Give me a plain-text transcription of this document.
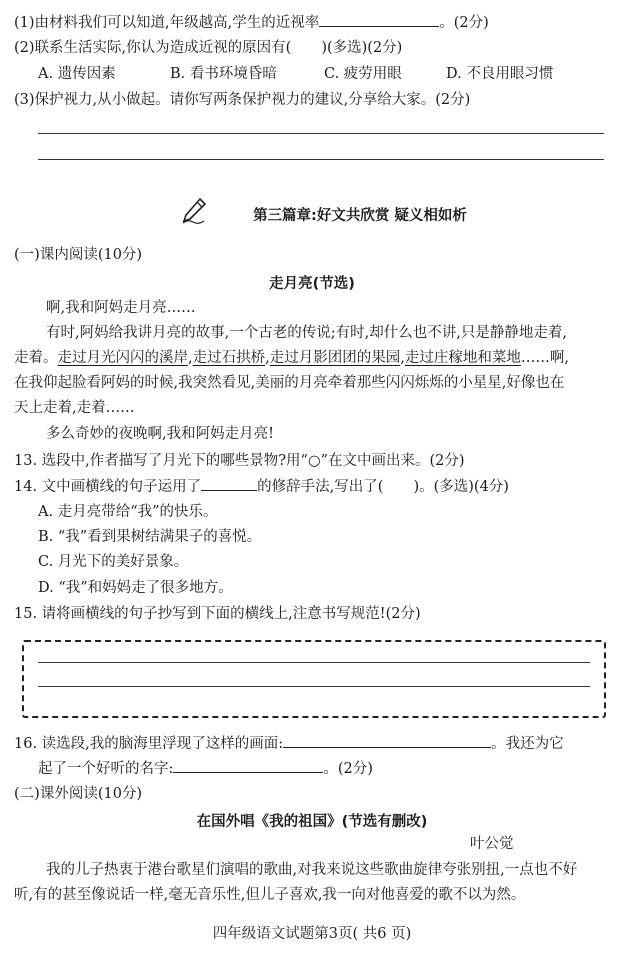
(1)由材料我们可以知道,年级越高,学生的近视率	。(2分)
(2)联系生活实际,你认为造成近视的原因有( )(多选)(2分)
A. 遗传因素	B. 看书环境昏暗	C. 疲劳用眼	D. 不良用眼习惯
(3)保护视力,从小做起。请你写两条保护视力的建议,分享给大家。(2分)
第三篇章:好文共欣赏 疑义相如析
(一)课内阅读(10分)
走月亮(节选)
啊,我和阿妈走月亮……
有时,阿妈给我讲月亮的故事,一个古老的传说;有时,却什么也不讲,只是静静地走着,
走着。走过月光闪闪的溪岸,走过石拱桥,走过月影团团的果园,走过庄稼地和菜地……啊,
在我仰起脸看阿妈的时候,我突然看见,美丽的月亮牵着那些闪闪烁烁的小星星,好像也在
天上走着,走着……
多么奇妙的夜晚啊,我和阿妈走月亮!
13. 选段中,作者描写了月光下的哪些景物?用“○”在文中画出来。(2分)
14. 文中画横线的句子运用了	的修辞手法,写出了( )。(多选)(4分)
A. 走月亮带给“我”的快乐。
B. “我”看到果树结满果子的喜悦。
C. 月光下的美好景象。
D. “我”和妈妈走了很多地方。
15. 请将画横线的句子抄写到下面的横线上,注意书写规范!(2分)
16. 读选段,我的脑海里浮现了这样的画面:	。我还为它
起了一个好听的名字:	。(2分)
(二)课外阅读(10分)
在国外唱《我的祖国》(节选有删改)
叶公觉
我的儿子热衷于港台歌星们演唱的歌曲,对我来说这些歌曲旋律夸张别扭,一点也不好
听,有的甚至像说话一样,毫无音乐性,但儿子喜欢,我一向对他喜爱的歌不以为然。
四年级语文试题第3页( 共6 页)
